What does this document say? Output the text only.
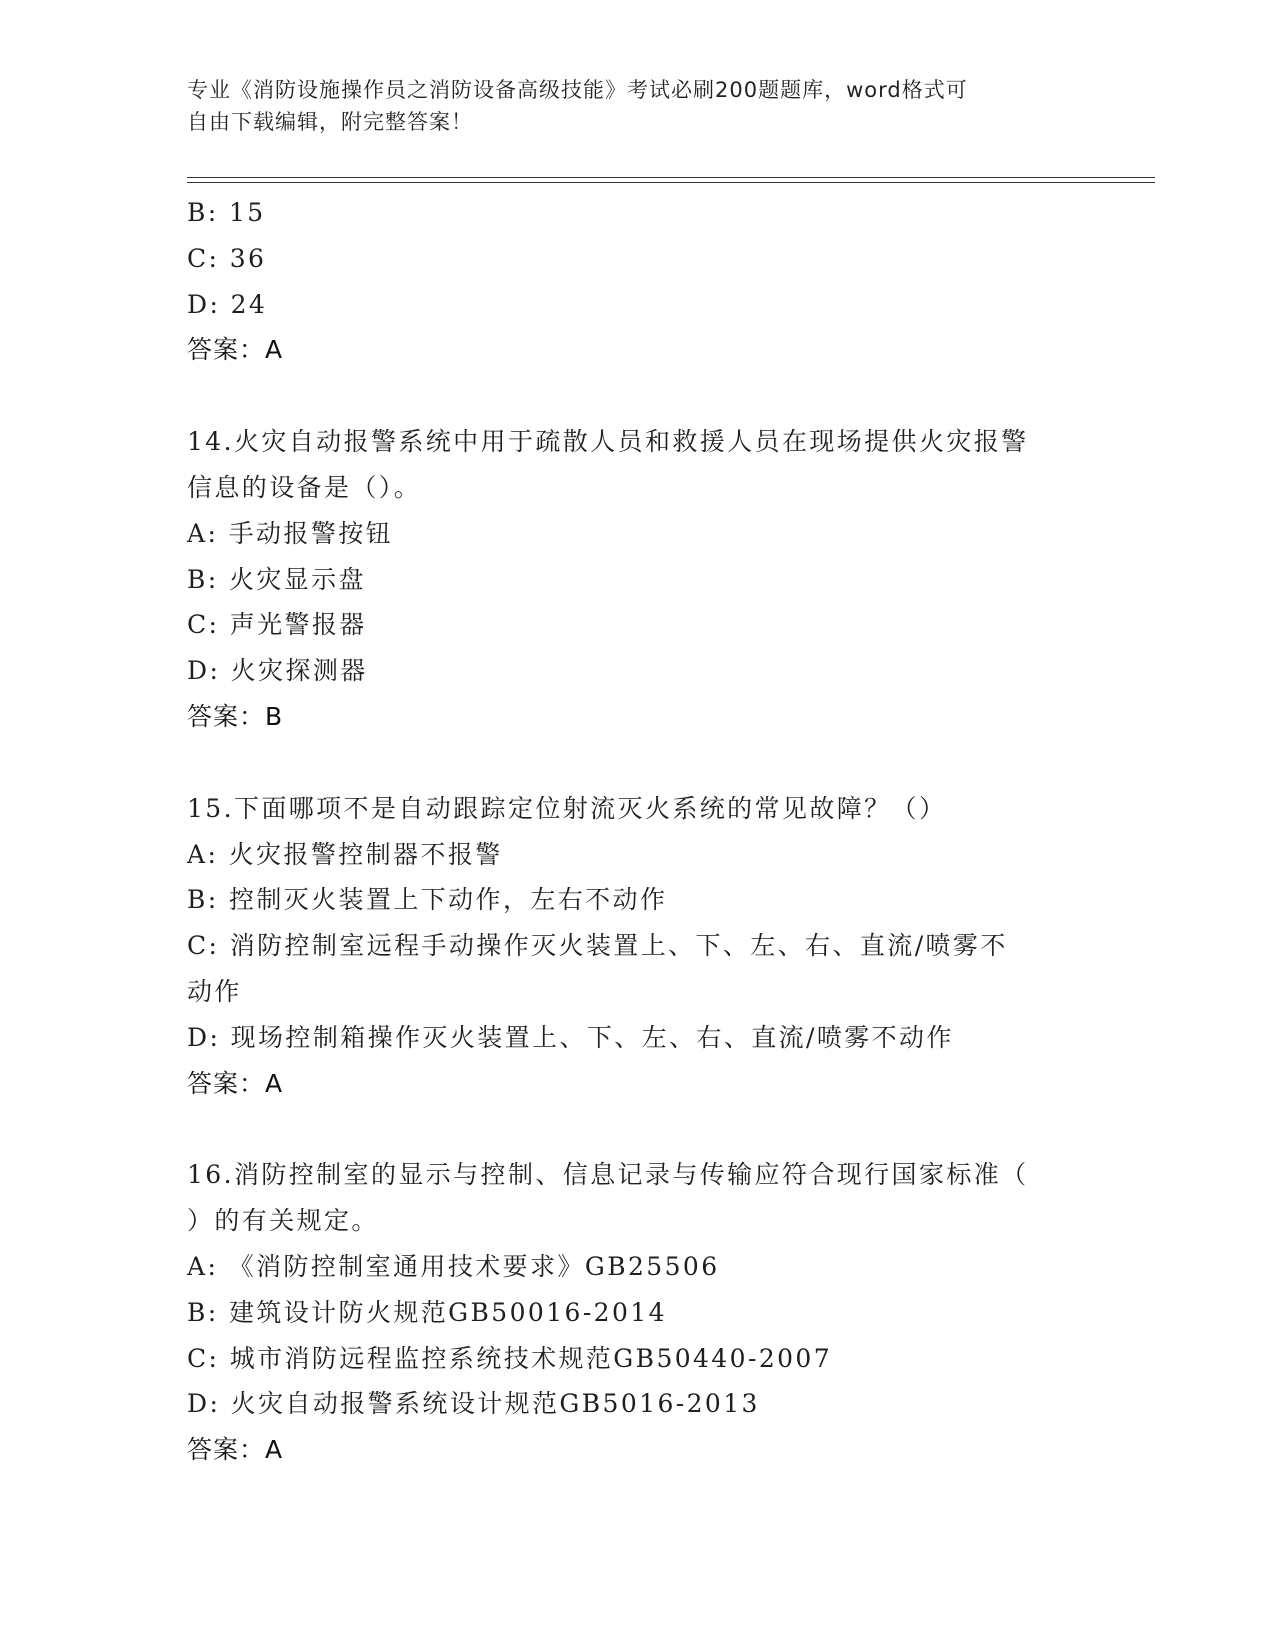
专业《消防设施操作员之消防设备高级技能》考试必刷200题题库，word格式可
自由下载编辑，附完整答案！
B: 15
C: 36
D: 24
答案：A
14.火灾自动报警系统中用于疏散人员和救援人员在现场提供火灾报警
信息的设备是（）。
A: 手动报警按钮
B: 火灾显示盘
C: 声光警报器
D: 火灾探测器
答案：B
15.下面哪项不是自动跟踪定位射流灭火系统的常见故障？（）
A: 火灾报警控制器不报警
B: 控制灭火装置上下动作，左右不动作
C: 消防控制室远程手动操作灭火装置上、下、左、右、直流/喷雾不
动作
D: 现场控制箱操作灭火装置上、下、左、右、直流/喷雾不动作
答案：A
16.消防控制室的显示与控制、信息记录与传输应符合现行国家标准（
）的有关规定。
A: 《消防控制室通用技术要求》GB25506
B: 建筑设计防火规范GB50016-2014
C: 城市消防远程监控系统技术规范GB50440-2007
D: 火灾自动报警系统设计规范GB5016-2013
答案：A
